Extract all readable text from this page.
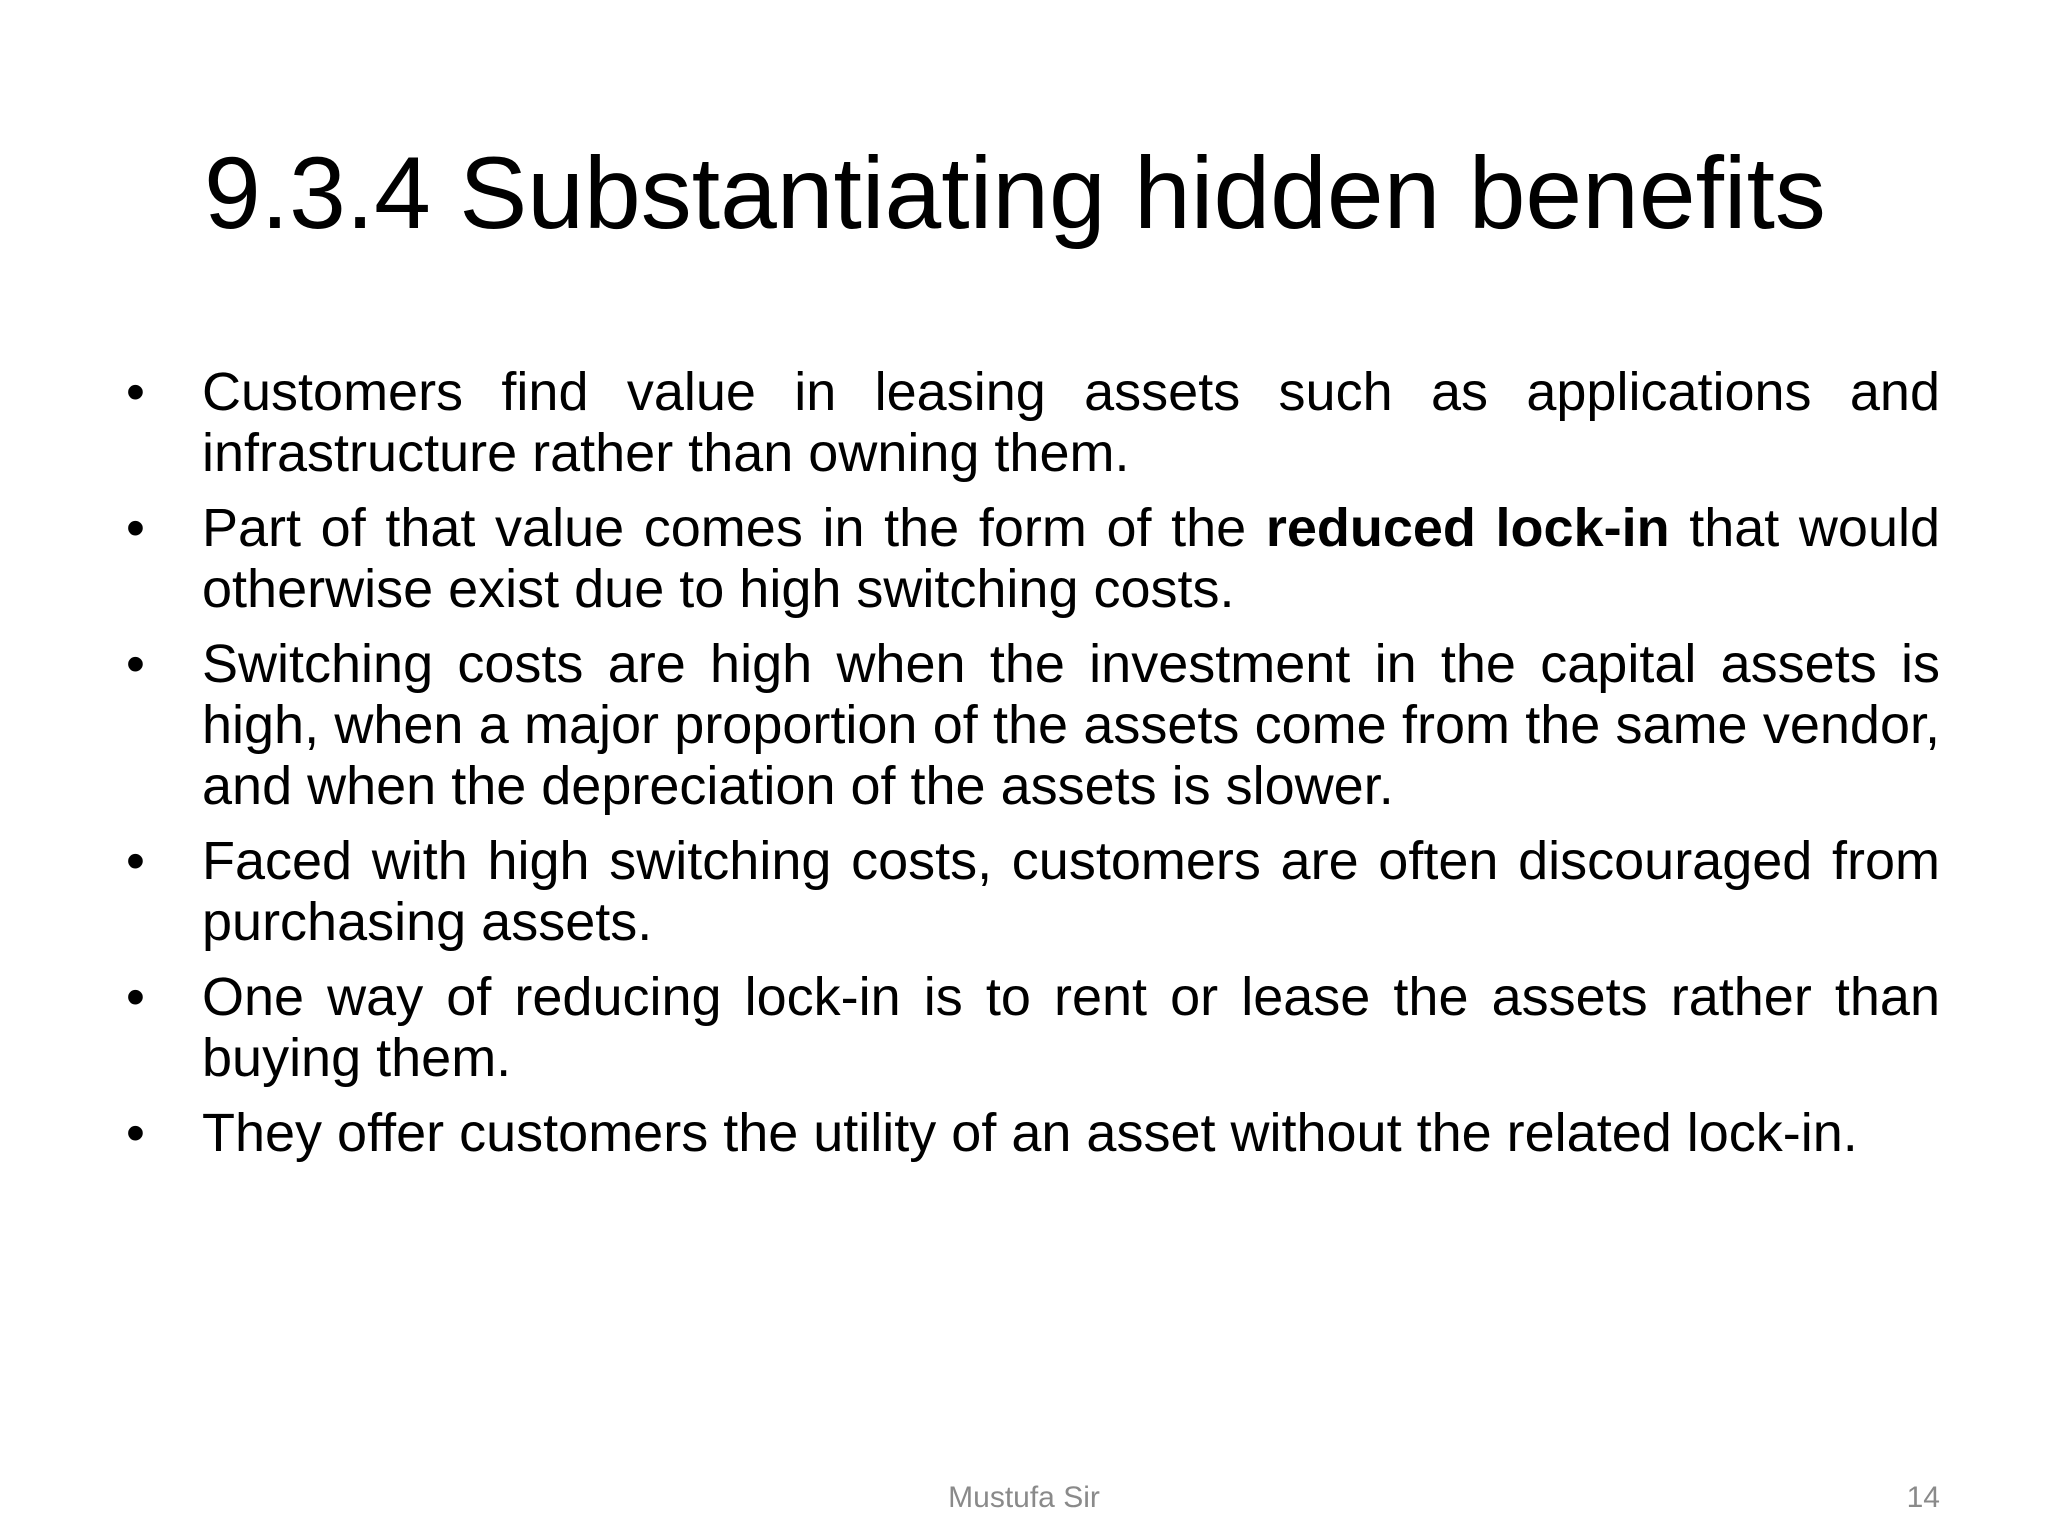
9.3.4 Substantiating hidden benefits
•	Customers find value in leasing assets such as applications and infrastructure rather than owning them.
•	Part of that value comes in the form of the reduced lock-in that would otherwise exist due to high switching costs.
•	Switching costs are high when the investment in the capital assets is high, when a major proportion of the assets come from the same vendor, and when the depreciation of the assets is slower.
•	Faced with high switching costs, customers are often discouraged from purchasing assets.
•	One way of reducing lock-in is to rent or lease the assets rather than buying them.
•	They offer customers the utility of an asset without the related lock-in.
Mustufa Sir	14
